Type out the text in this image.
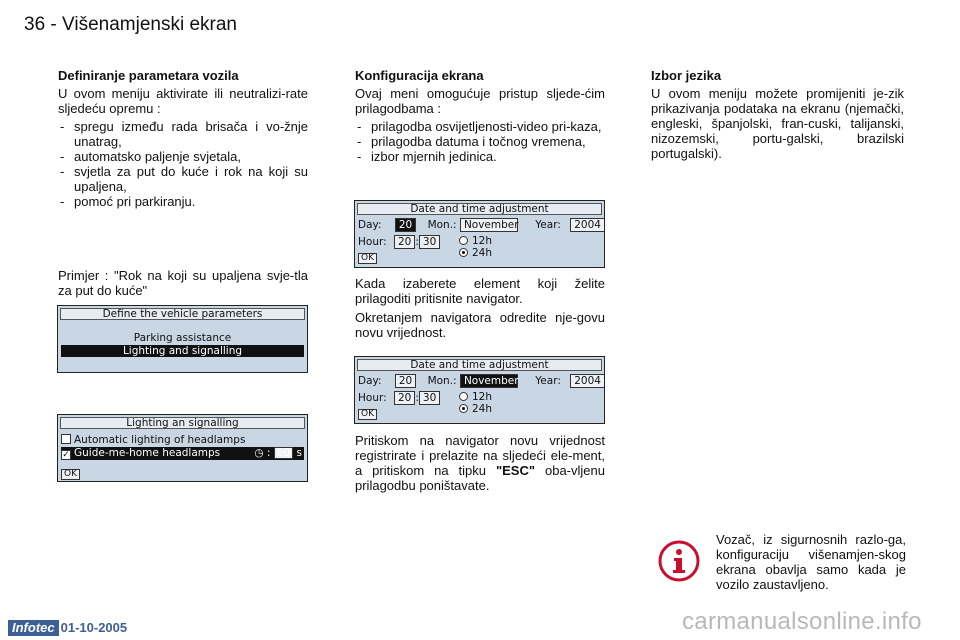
36 - Višenamjenski ekran
Definiranje parametara vozila

U ovom meniju aktivirate ili neutralizi-rate sljedeću opremu :

- spregu između rada brisača i vo-žnje unatrag,
- automatsko paljenje svjetala,
- svjetla za put do kuće i rok na koji su upaljena,
- pomoć pri parkiranju.
Primjer : "Rok na koji su upaljena svje-tla za put do kuće"
Define the vehicle parameters
Parking assistance
Lighting and signalling
Lighting an signalling
Automatic lighting of headlamps
✓ Guide-me-home headlamps	◷ : 60 s
OK
Konfiguracija ekrana

Ovaj meni omogućuje pristup sljede-ćim prilagodbama :

- prilagodba osvijetljenosti-video pri-kaza,
- prilagodba datuma i točnog vremena,
- izbor mjernih jedinica.
Date and time adjustment
Day: 20 Mon.: November Year: 2004
Hour: 20 : 30	12h
24h
OK

Kada izaberete element koji želite prilagoditi pritisnite navigator.

Okretanjem navigatora odredite nje-govu novu vrijednost.

Date and time adjustment
Day: 20 Mon.: November Year: 2004
Hour: 20 : 30	12h
24h
OK

Pritiskom na navigator novu vrijednost registrirate i prelazite na sljedeći ele-ment, a pritiskom na tipku "ESC" oba-vljenu prilagodbu poništavate.

Izbor jezika

U ovom meniju možete promijeniti je-zik prikazivanja podataka na ekranu (njemački, engleski, španjolski, fran-cuski, talijanski, nizozemski, portu-galski, brazilski portugalski).

Vozač, iz sigurnosnih razlo-ga, konfiguraciju višenamjen-skog ekrana obavlja samo kada je vozilo zaustavljeno.
Infotec 01-10-2005	carmanualsonline.info
